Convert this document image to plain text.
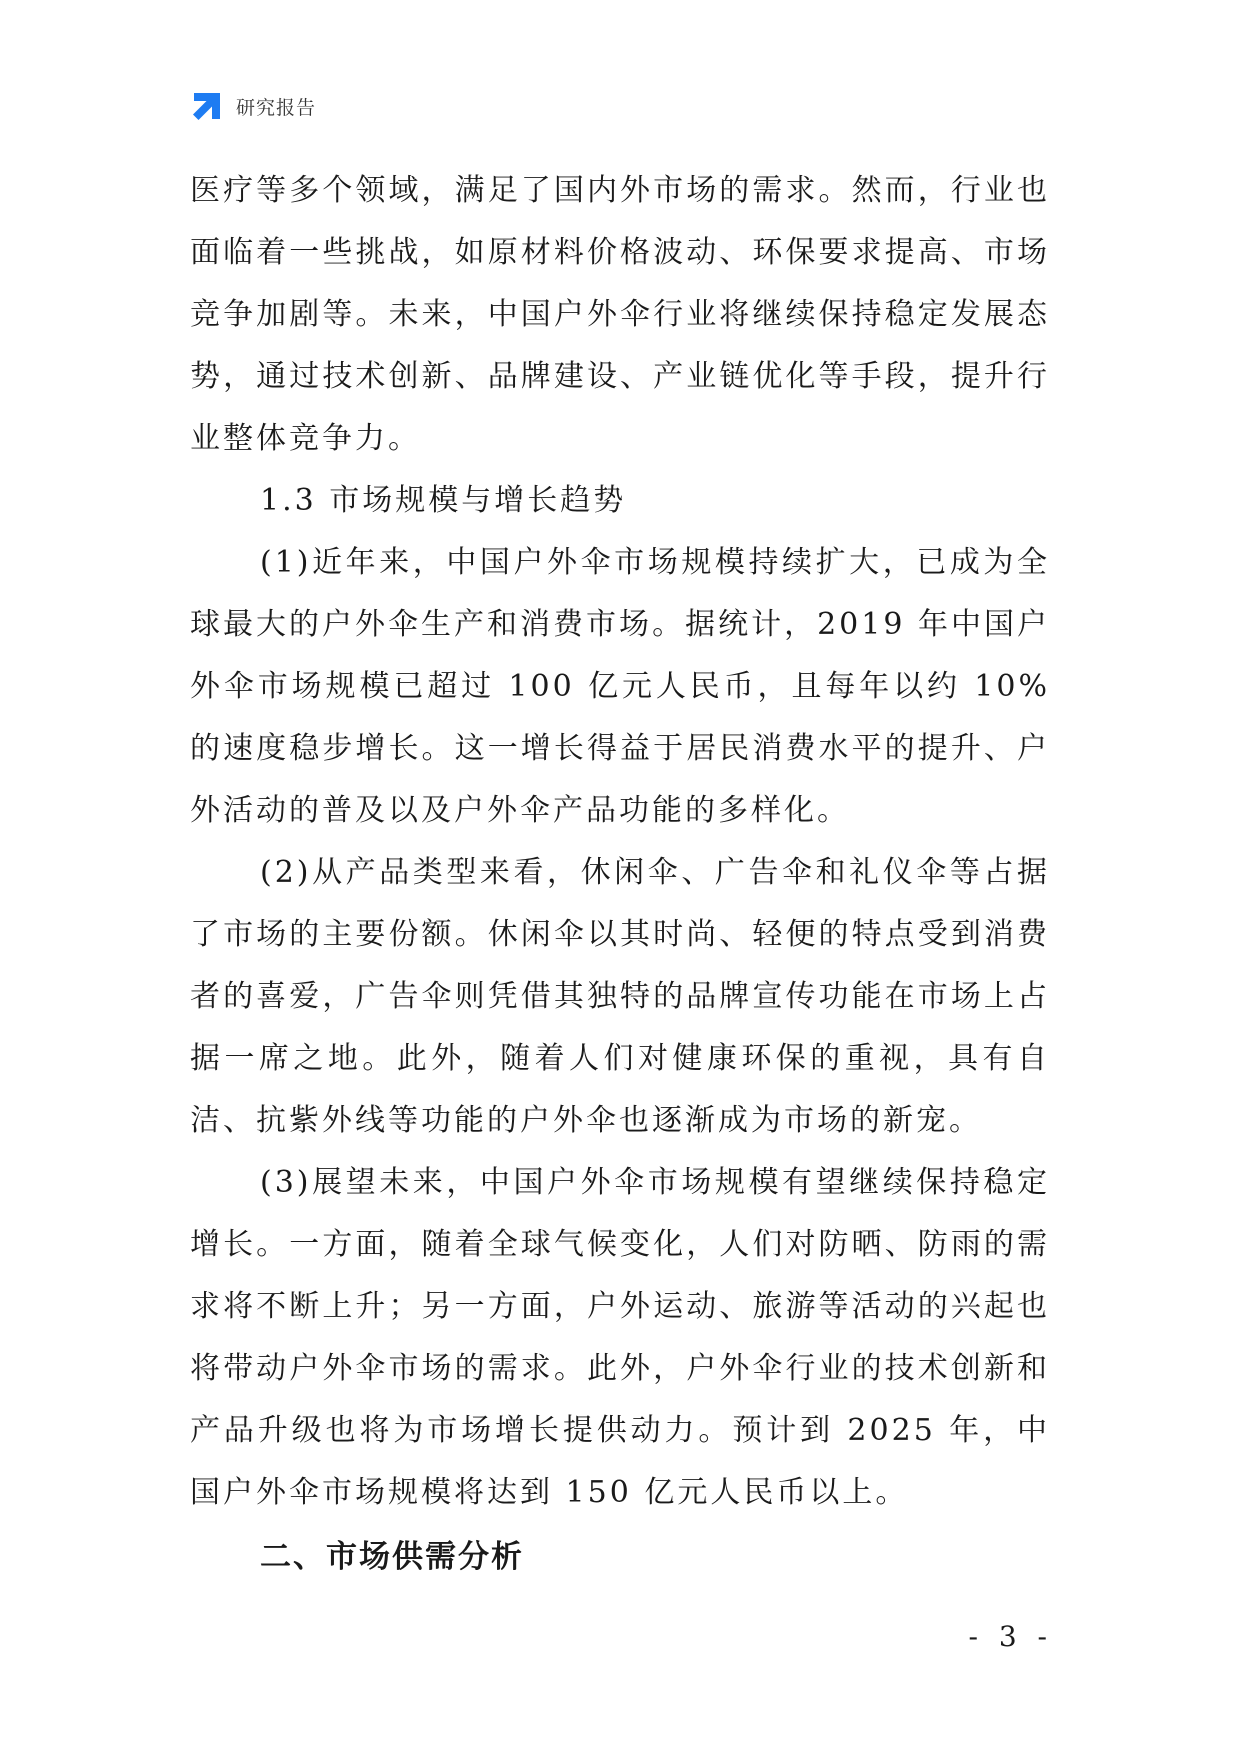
研究报告

医疗等多个领域，满足了国内外市场的需求。然而，行业也面临着一些挑战，如原材料价格波动、环保要求提高、市场竞争加剧等。未来，中国户外伞行业将继续保持稳定发展态势，通过技术创新、品牌建设、产业链优化等手段，提升行业整体竞争力。

1.3 市场规模与增长趋势

(1)近年来，中国户外伞市场规模持续扩大，已成为全球最大的户外伞生产和消费市场。据统计，2019 年中国户外伞市场规模已超过 100 亿元人民币，且每年以约 10%的速度稳步增长。这一增长得益于居民消费水平的提升、户外活动的普及以及户外伞产品功能的多样化。

(2)从产品类型来看，休闲伞、广告伞和礼仪伞等占据了市场的主要份额。休闲伞以其时尚、轻便的特点受到消费者的喜爱，广告伞则凭借其独特的品牌宣传功能在市场上占据一席之地。此外，随着人们对健康环保的重视，具有自洁、抗紫外线等功能的户外伞也逐渐成为市场的新宠。

(3)展望未来，中国户外伞市场规模有望继续保持稳定增长。一方面，随着全球气候变化，人们对防晒、防雨的需求将不断上升；另一方面，户外运动、旅游等活动的兴起也将带动户外伞市场的需求。此外，户外伞行业的技术创新和产品升级也将为市场增长提供动力。预计到 2025 年，中国户外伞市场规模将达到 150 亿元人民币以上。

二、市场供需分析

- 3 -
